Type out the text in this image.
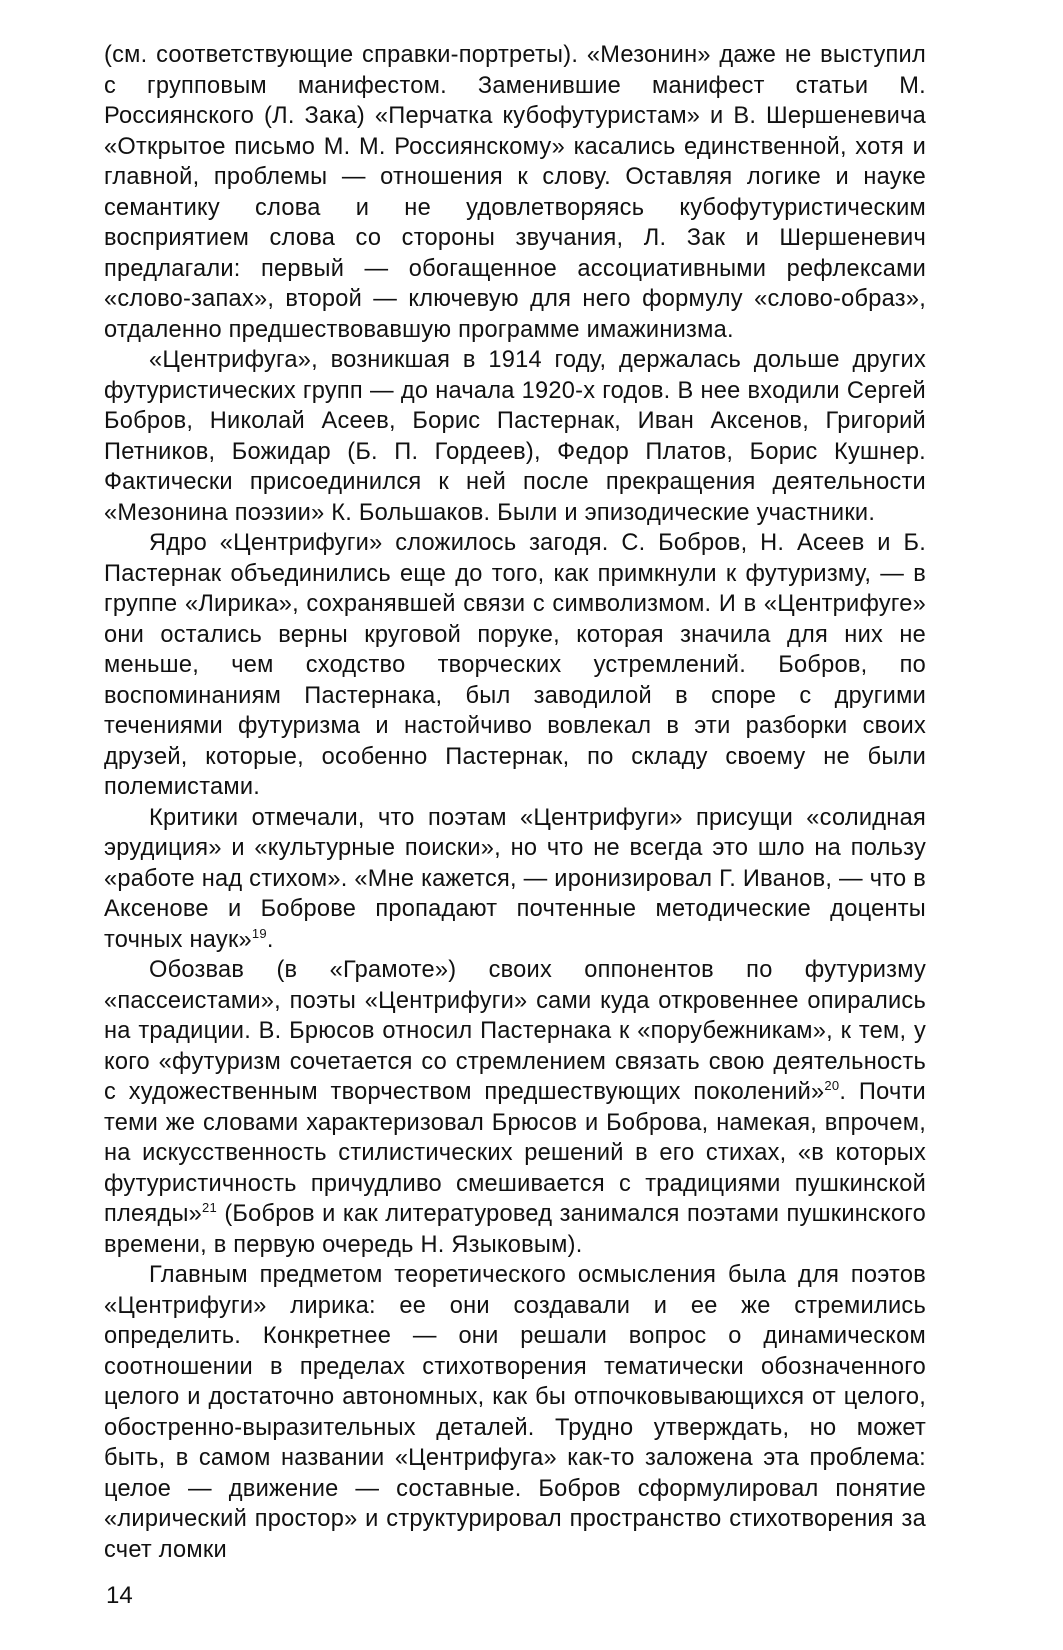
(см. соответствующие справки-портреты). «Мезонин» даже не выступил с групповым манифестом. Заменившие манифест статьи М. Россиянского (Л. Зака) «Перчатка кубофутуристам» и В. Шершеневича «Открытое письмо М. М. Россиянскому» касались единственной, хотя и главной, проблемы — отношения к слову. Оставляя логике и науке семантику слова и не удовлетворяясь кубофутуристическим восприятием слова со стороны звучания, Л. Зак и Шершеневич предлагали: первый — обогащенное ассоциативными рефлексами «слово-запах», второй — ключевую для него формулу «слово-образ», отдаленно предшествовавшую программе имажинизма.

«Центрифуга», возникшая в 1914 году, держалась дольше других футуристических групп — до начала 1920-х годов. В нее входили Сергей Бобров, Николай Асеев, Борис Пастернак, Иван Аксенов, Григорий Петников, Божидар (Б. П. Гордеев), Федор Платов, Борис Кушнер. Фактически присоединился к ней после прекращения деятельности «Мезонина поэзии» К. Большаков. Были и эпизодические участники.

Ядро «Центрифуги» сложилось загодя. С. Бобров, Н. Асеев и Б. Пастернак объединились еще до того, как примкнули к футуризму, — в группе «Лирика», сохранявшей связи с символизмом. И в «Центрифуге» они остались верны круговой поруке, которая значила для них не меньше, чем сходство творческих устремлений. Бобров, по воспоминаниям Пастернака, был заводилой в споре с другими течениями футуризма и настойчиво вовлекал в эти разборки своих друзей, которые, особенно Пастернак, по складу своему не были полемистами.

Критики отмечали, что поэтам «Центрифуги» присущи «солидная эрудиция» и «культурные поиски», но что не всегда это шло на пользу «работе над стихом». «Мне кажется, — иронизировал Г. Иванов, — что в Аксенове и Боброве пропадают почтенные методические доценты точных наук»$^{19}$.

Обозвав (в «Грамоте») своих оппонентов по футуризму «пассеистами», поэты «Центрифуги» сами куда откровеннее опирались на традиции. В. Брюсов относил Пастернака к «порубежникам», к тем, у кого «футуризм сочетается со стремлением связать свою деятельность с художественным творчеством предшествующих поколений»$^{20}$. Почти теми же словами характеризовал Брюсов и Боброва, намекая, впрочем, на искусственность стилистических решений в его стихах, «в которых футуристичность причудливо смешивается с традициями пушкинской плеяды»$^{21}$ (Бобров и как литературовед занимался поэтами пушкинского времени, в первую очередь Н. Языковым).

Главным предметом теоретического осмысления была для поэтов «Центрифуги» лирика: ее они создавали и ее же стремились определить. Конкретнее — они решали вопрос о динамическом соотношении в пределах стихотворения тематически обозначенного целого и достаточно автономных, как бы отпочковывающихся от целого, обостренно-выразительных деталей. Трудно утверждать, но может быть, в самом названии «Центрифуга» как-то заложена эта проблема: целое — движение — составные. Бобров сформулировал понятие «лирический простор» и структурировал пространство стихотворения за счет ломки

14
